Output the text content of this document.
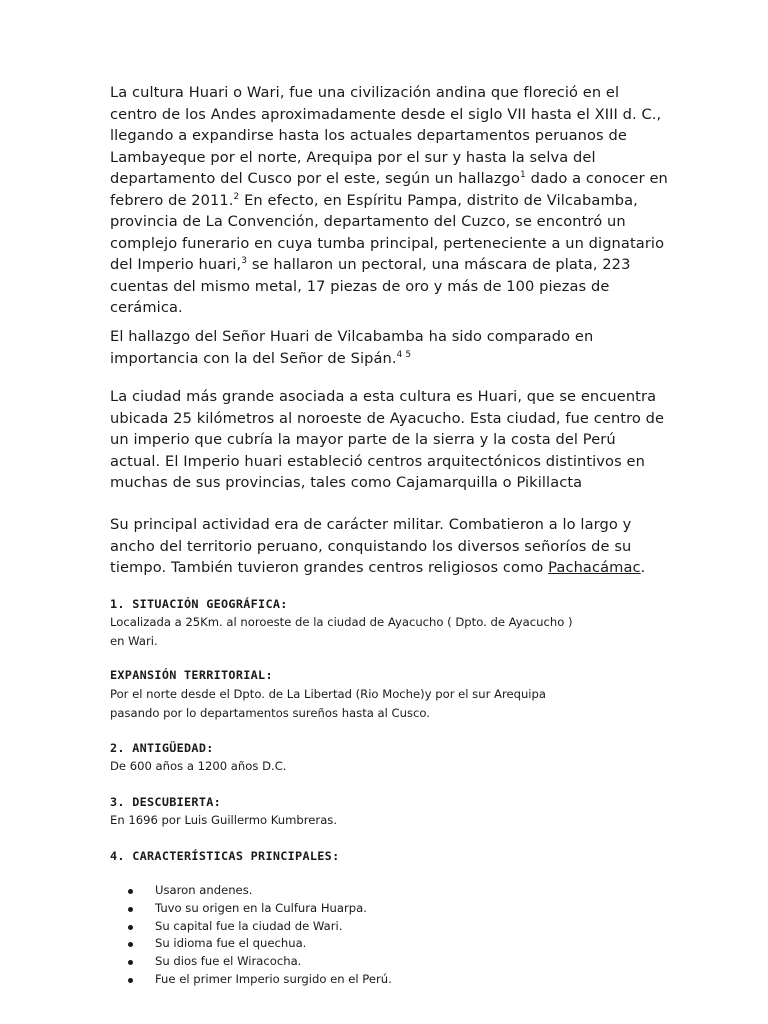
La cultura Huari o Wari, fue una civilización andina que floreció en el centro de los Andes aproximadamente desde el siglo VII hasta el XIII d. C., llegando a expandirse hasta los actuales departamentos peruanos de Lambayeque por el norte, Arequipa por el sur y hasta la selva del departamento del Cusco por el este, según un hallazgo$^1$ dado a conocer en febrero de 2011.$^2$ En efecto, en Espíritu Pampa, distrito de Vilcabamba, provincia de La Convención, departamento del Cuzco, se encontró un complejo funerario en cuya tumba principal, perteneciente a un dignatario del Imperio huari,$^3$ se hallaron un pectoral, una máscara de plata, 223 cuentas del mismo metal, 17 piezas de oro y más de 100 piezas de cerámica.

El hallazgo del Señor Huari de Vilcabamba ha sido comparado en importancia con la del Señor de Sipán.$^{4 5}$

La ciudad más grande asociada a esta cultura es Huari, que se encuentra ubicada 25 kilómetros al noroeste de Ayacucho. Esta ciudad, fue centro de un imperio que cubría la mayor parte de la sierra y la costa del Perú actual. El Imperio huari estableció centros arquitectónicos distintivos en muchas de sus provincias, tales como Cajamarquilla o Pikillacta

Su principal actividad era de carácter militar. Combatieron a lo largo y ancho del territorio peruano, conquistando los diversos señoríos de su tiempo. También tuvieron grandes centros religiosos como Pachacámac.

1. SITUACIÓN GEOGRÁFICA:
Localizada a 25Km. al noroeste de la ciudad de Ayacucho ( Dpto. de Ayacucho ) en Wari.
EXPANSIÓN TERRITORIAL:
Por el norte desde el Dpto. de La Libertad (Rio Moche)y por el sur Arequipa pasando por lo departamentos sureños hasta al Cusco.
2. ANTIGÜEDAD:
De 600 años a 1200 años D.C.
3. DESCUBIERTA:
En 1696 por Luis Guillermo Kumbreras.
4. CARACTERÍSTICAS PRINCIPALES:
Usaron andenes.
Tuvo su origen en la Culfura Huarpa.
Su capital fue la ciudad de Wari.
Su idioma fue el quechua.
Su dios fue el Wiracocha.
Fue el primer Imperio surgido en el Perú.
